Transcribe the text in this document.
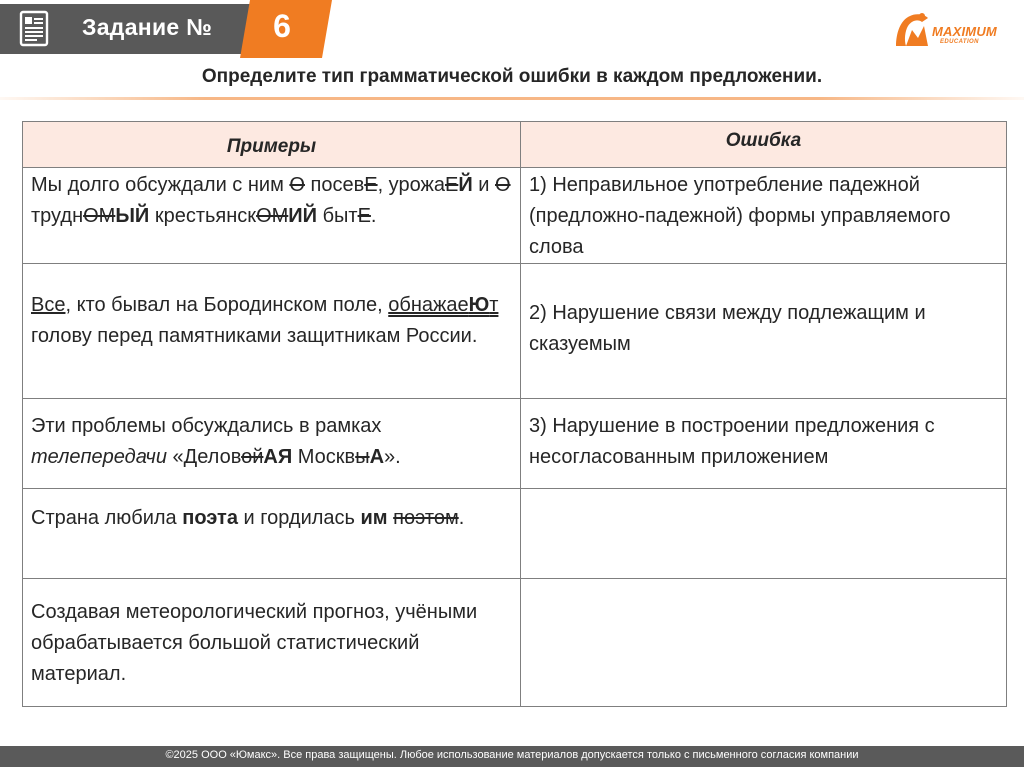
Задание №	6	MAXIMUM
EDUCATION
Определите тип грамматической ошибки в каждом предложении.
Примеры	Ошибка
Мы долго обсуждали с ним О посевЕ, урожаЕЙ и О труднОМЫЙ крестьянскОМИЙ бытЕ.	1) Неправильное употребление падежной (предложно-падежной) формы управляемого слова
Все, кто бывал на Бородинском поле, обнажаеЮт голову перед памятниками защитникам России.	2) Нарушение связи между подлежащим и сказуемым
Эти проблемы обсуждались в рамках телепередачи «ДеловойАЯ МосквыА».	3) Нарушение в построении предложения с несогласованным приложением
Страна любила поэта и гордилась им поэтом.	
Создавая метеорологический прогноз, учёными обрабатывается большой статистический материал.	
©2025 ООО «Юмакс». Все права защищены. Любое использование материалов допускается только с письменного согласия компании
